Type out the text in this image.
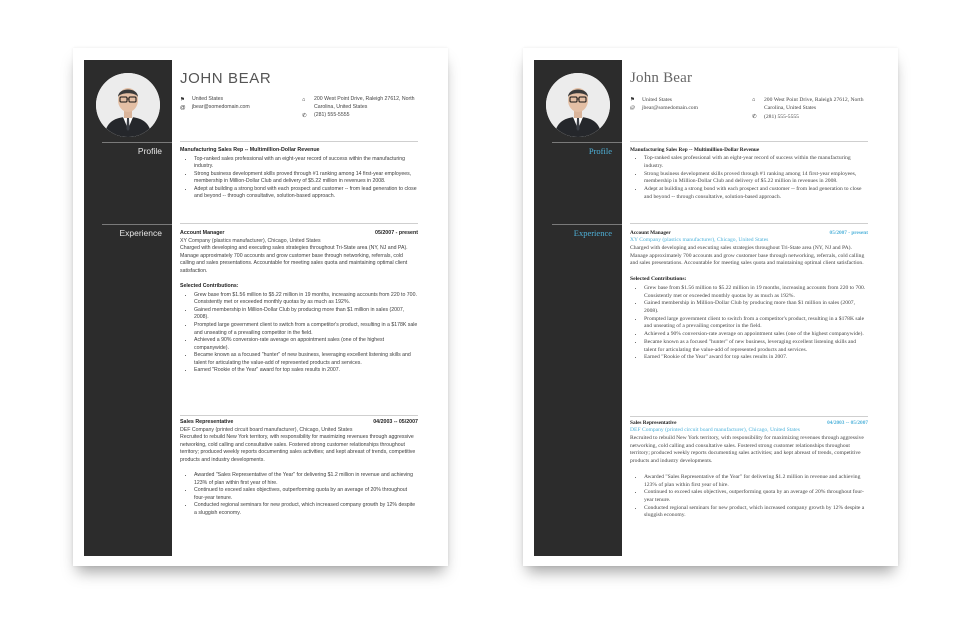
Profile
Experience
JOHN BEAR
⚑	United States
@	jbear@somedomain.com
⌂	200 West Point Drive, Raleigh 27612, North Carolina, United States
✆	(281) 555-5555
Manufacturing Sales Rep -- Multimillion-Dollar Revenue
• Top-ranked sales professional with an eight-year record of success within the manufacturing industry.
• Strong business development skills proved through #1 ranking among 14 first-year employees, membership in Million-Dollar Club and delivery of $5.22 million in revenues in 2008.
• Adept at building a strong bond with each prospect and customer -- from lead generation to close and beyond -- through consultative, solution-based approach.
Account Manager	05/2007 - present
XY Company (plastics manufacturer), Chicago, United States

Charged with developing and executing sales strategies throughout Tri-State area (NY, NJ and PA). Manage approximately 700 accounts and grow customer base through networking, referrals, cold calling and sales presentations. Accountable for meeting sales quota and maintaining optimal client satisfaction.

Selected Contributions:
• Grew base from $1.56 million to $5.22 million in 19 months, increasing accounts from 220 to 700. Consistently met or exceeded monthly quotas by as much as 192%.
• Gained membership in Million-Dollar Club by producing more than $1 million in sales (2007, 2008).
• Prompted large government client to switch from a competitor's product, resulting in a $178K sale and unseating of a prevailing competitor in the field.
• Achieved a 90% conversion-rate average on appointment sales (one of the highest companywide).
• Became known as a focused "hunter" of new business, leveraging excellent listening skills and talent for articulating the value-add of represented products and services.
• Earned "Rookie of the Year" award for top sales results in 2007.
Sales Representative	04/2003 -- 05/2007
DEF Company (printed circuit board manufacturer), Chicago, United States

Recruited to rebuild New York territory, with responsibility for maximizing revenues through aggressive networking, cold calling and consultative sales. Fostered strong customer relationships throughout territory; produced weekly reports documenting sales activities; and kept abreast of trends, competitive products and industry developments.

• Awarded "Sales Representative of the Year" for delivering $1.2 million in revenue and achieving 123% of plan within first year of hire.
• Continued to exceed sales objectives, outperforming quota by an average of 20% throughout four-year tenure.
• Conducted regional seminars for new product, which increased company growth by 12% despite a sluggish economy.
Profile
Experience
John Bear
⚑	United States
@	jbear@somedomain.com
⌂	200 West Point Drive, Raleigh 27612, North Carolina, United States
✆	(281) 555-5555
Manufacturing Sales Rep -- Multimillion-Dollar Revenue
• Top-ranked sales professional with an eight-year record of success within the manufacturing industry.
• Strong business development skills proved through #1 ranking among 14 first-year employees, membership in Million-Dollar Club and delivery of $5.22 million in revenues in 2008.
• Adept at building a strong bond with each prospect and customer -- from lead generation to close and beyond -- through consultative, solution-based approach.
Account Manager	05/2007 - present
XY Company (plastics manufacturer), Chicago, United States

Charged with developing and executing sales strategies throughout Tri-State area (NY, NJ and PA). Manage approximately 700 accounts and grow customer base through networking, referrals, cold calling and sales presentations. Accountable for meeting sales quota and maintaining optimal client satisfaction.

Selected Contributions:
• Grew base from $1.56 million to $5.22 million in 19 months, increasing accounts from 220 to 700. Consistently met or exceeded monthly quotas by as much as 192%.
• Gained membership in Million-Dollar Club by producing more than $1 million in sales (2007, 2008).
• Prompted large government client to switch from a competitor's product, resulting in a $178K sale and unseating of a prevailing competitor in the field.
• Achieved a 90% conversion-rate average on appointment sales (one of the highest companywide).
• Became known as a focused "hunter" of new business, leveraging excellent listening skills and talent for articulating the value-add of represented products and services.
• Earned "Rookie of the Year" award for top sales results in 2007.
Sales Representative	04/2003 -- 05/2007
DEF Company (printed circuit board manufacturer), Chicago, United States

Recruited to rebuild New York territory, with responsibility for maximizing revenues through aggressive networking, cold calling and consultative sales. Fostered strong customer relationships throughout territory; produced weekly reports documenting sales activities; and kept abreast of trends, competitive products and industry developments.

• Awarded "Sales Representative of the Year" for delivering $1.2 million in revenue and achieving 123% of plan within first year of hire.
• Continued to exceed sales objectives, outperforming quota by an average of 20% throughout four-year tenure.
• Conducted regional seminars for new product, which increased company growth by 12% despite a sluggish economy.
